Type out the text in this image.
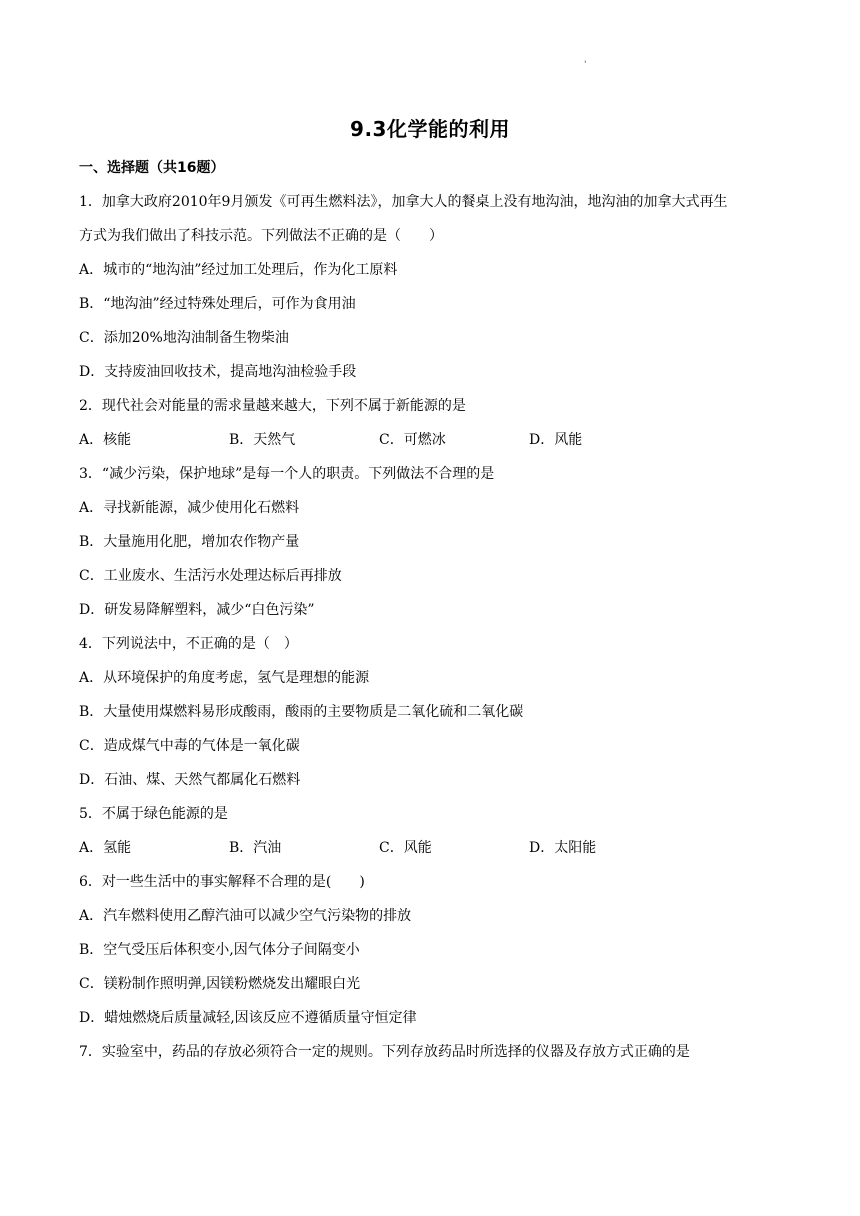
'
9.3化学能的利用
一、选择题（共16题）
1．加拿大政府2010年9月颁发《可再生燃料法》，加拿大人的餐桌上没有地沟油，地沟油的加拿大式再生
方式为我们做出了科技示范。下列做法不正确的是（　　）
A．城市的“地沟油”经过加工处理后，作为化工原料
B．“地沟油”经过特殊处理后，可作为食用油
C．添加20%地沟油制备生物柴油
D．支持废油回收技术，提高地沟油检验手段
2．现代社会对能量的需求量越来越大，下列不属于新能源的是
A．核能	B．天然气	C．可燃冰	D．风能
3．“减少污染，保护地球”是每一个人的职责。下列做法不合理的是
A．寻找新能源，减少使用化石燃料
B．大量施用化肥，增加农作物产量
C．工业废水、生活污水处理达标后再排放
D．研发易降解塑料，减少“白色污染”
4．下列说法中，不正确的是（　）
A．从环境保护的角度考虑，氢气是理想的能源
B．大量使用煤燃料易形成酸雨，酸雨的主要物质是二氧化硫和二氧化碳
C．造成煤气中毒的气体是一氧化碳
D．石油、煤、天然气都属化石燃料
5．不属于绿色能源的是
A．氢能	B．汽油	C．风能	D．太阳能
6．对一些生活中的事实解释不合理的是(　　)
A．汽车燃料使用乙醇汽油可以减少空气污染物的排放
B．空气受压后体积变小,因气体分子间隔变小
C．镁粉制作照明弹,因镁粉燃烧发出耀眼白光
D．蜡烛燃烧后质量减轻,因该反应不遵循质量守恒定律
7．实验室中，药品的存放必须符合一定的规则。下列存放药品时所选择的仪器及存放方式正确的是
